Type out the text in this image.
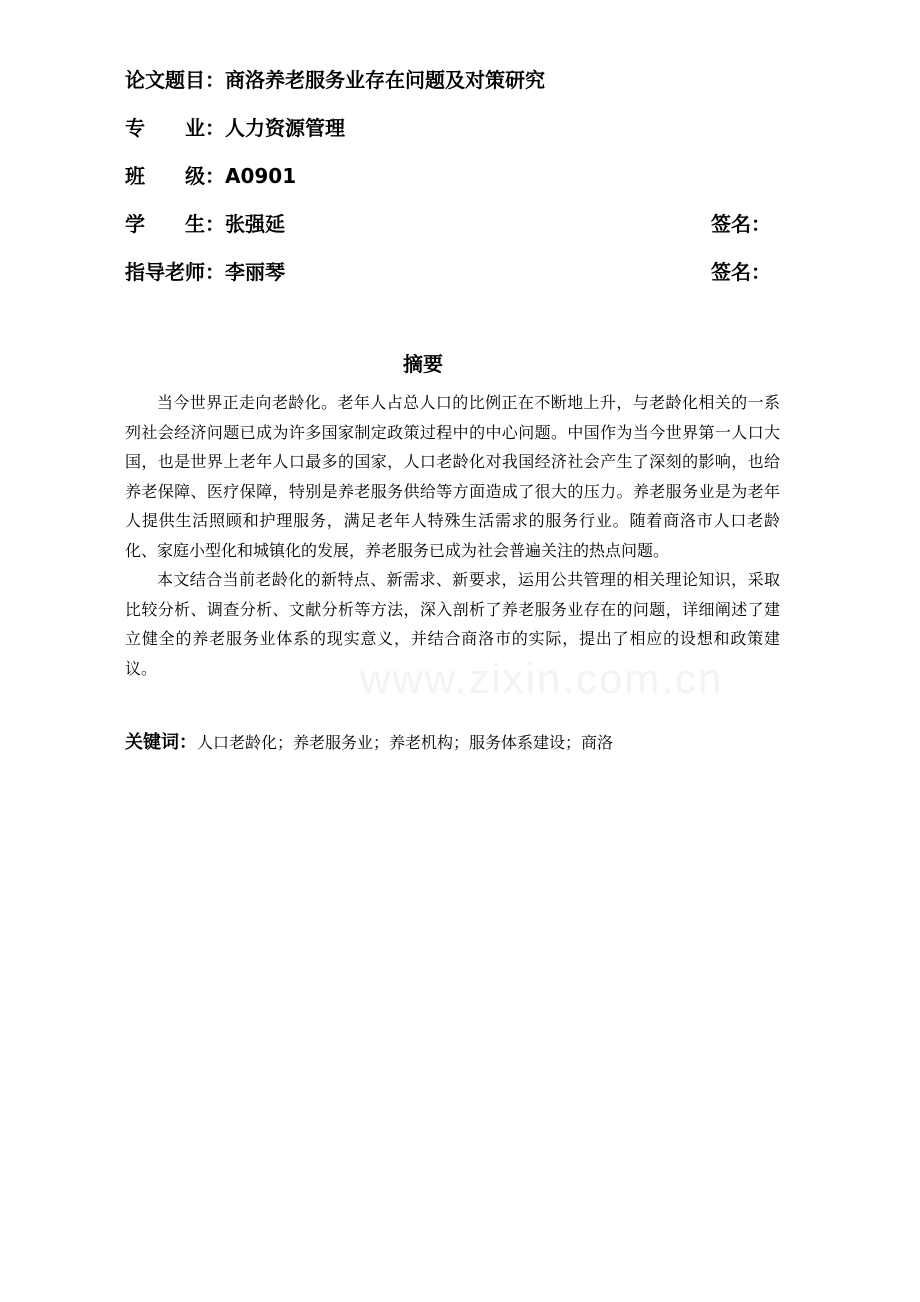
论文题目：商洛养老服务业存在问题及对策研究
专业：人力资源管理
班级：A0901
学生：张强延	签名：
指导老师：李丽琴	签名：
摘要

当今世界正走向老龄化。老年人占总人口的比例正在不断地上升，与老龄化相关的一系列社会经济问题已成为许多国家制定政策过程中的中心问题。中国作为当今世界第一人口大国，也是世界上老年人口最多的国家，人口老龄化对我国经济社会产生了深刻的影响，也给养老保障、医疗保障，特别是养老服务供给等方面造成了很大的压力。养老服务业是为老年人提供生活照顾和护理服务，满足老年人特殊生活需求的服务行业。随着商洛市人口老龄化、家庭小型化和城镇化的发展，养老服务已成为社会普遍关注的热点问题。

本文结合当前老龄化的新特点、新需求、新要求，运用公共管理的相关理论知识，采取比较分析、调查分析、文献分析等方法，深入剖析了养老服务业存在的问题，详细阐述了建立健全的养老服务业体系的现实意义，并结合商洛市的实际，提出了相应的设想和政策建议。

关键词：人口老龄化；养老服务业；养老机构；服务体系建设；商洛
www.zixin.com.cn
